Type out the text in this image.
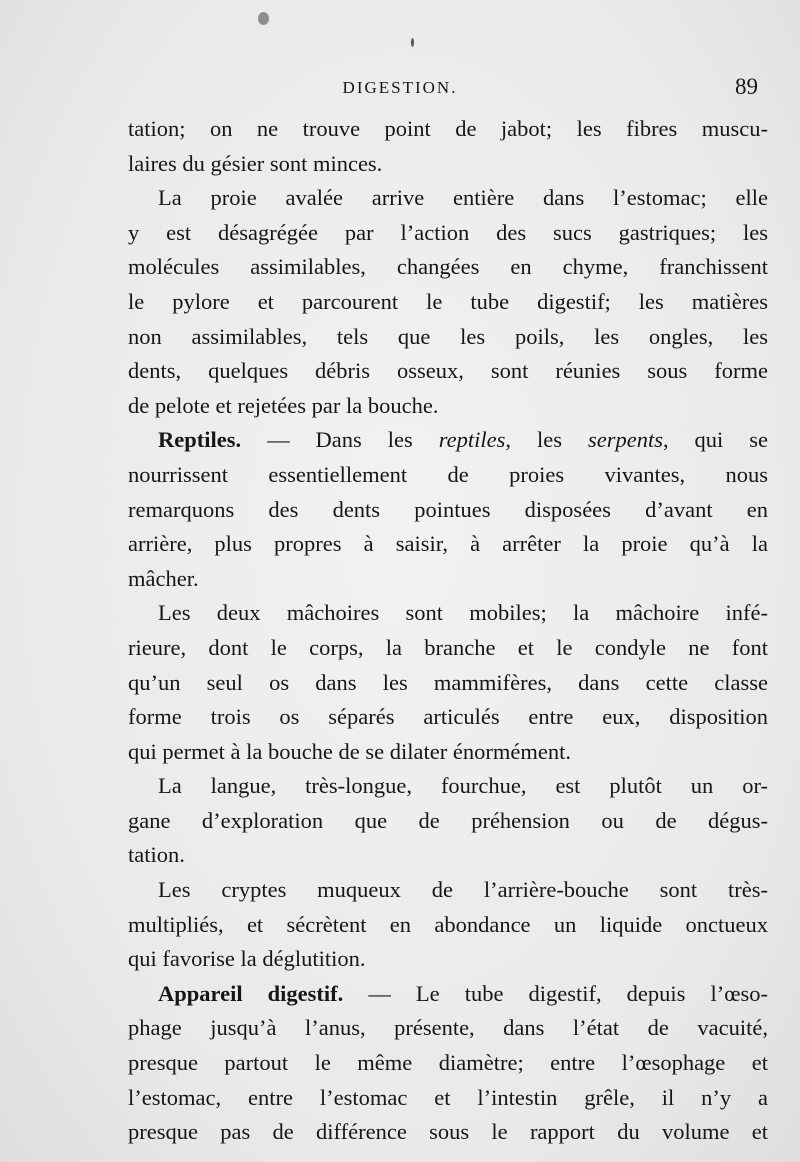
DIGESTION.	89
tation; on ne trouve point de jabot; les fibres muscu-
laires du gésier sont minces.
La proie avalée arrive entière dans l’estomac; elle
y est désagrégée par l’action des sucs gastriques; les
molécules assimilables, changées en chyme, franchissent
le pylore et parcourent le tube digestif; les matières
non assimilables, tels que les poils, les ongles, les
dents, quelques débris osseux, sont réunies sous forme
de pelote et rejetées par la bouche.
Reptiles. — Dans les reptiles, les serpents, qui se
nourrissent essentiellement de proies vivantes, nous
remarquons des dents pointues disposées d’avant en
arrière, plus propres à saisir, à arrêter la proie qu’à la
mâcher.
Les deux mâchoires sont mobiles; la mâchoire infé-
rieure, dont le corps, la branche et le condyle ne font
qu’un seul os dans les mammifères, dans cette classe
forme trois os séparés articulés entre eux, disposition
qui permet à la bouche de se dilater énormément.
La langue, très-longue, fourchue, est plutôt un or-
gane d’exploration que de préhension ou de dégus-
tation.
Les cryptes muqueux de l’arrière-bouche sont très-
multipliés, et sécrètent en abondance un liquide onctueux
qui favorise la déglutition.
Appareil digestif. — Le tube digestif, depuis l’œso-
phage jusqu’à l’anus, présente, dans l’état de vacuité,
presque partout le même diamètre; entre l’œsophage et
l’estomac, entre l’estomac et l’intestin grêle, il n’y a
presque pas de différence sous le rapport du volume et
